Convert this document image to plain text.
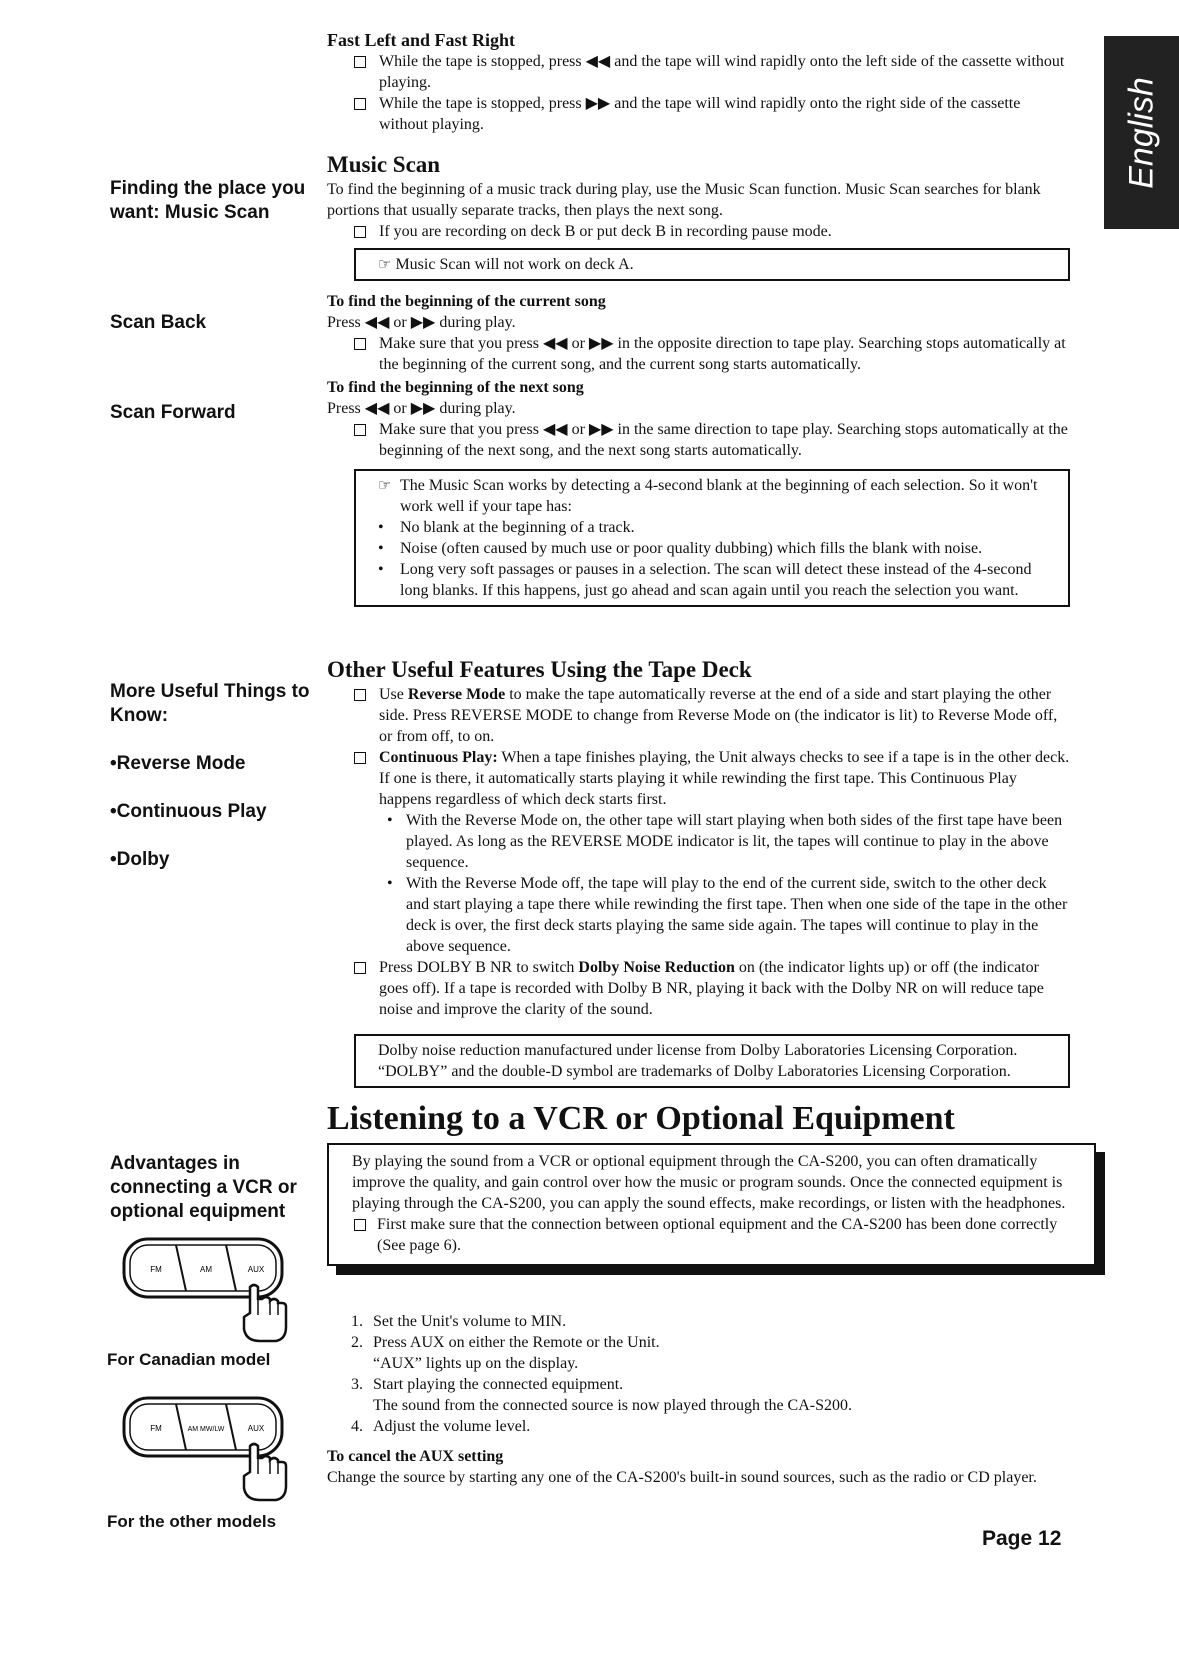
English
Finding the place you want: Music Scan
Scan Back
Scan Forward
More Useful Things to Know:
•Reverse Mode
•Continuous Play
•Dolby
Advantages in connecting a VCR or optional equipment
FM	AM	AUX
For Canadian model
FM	AM MW/LW	AUX
For the other models
Fast Left and Fast Right
While the tape is stopped, press ◀◀ and the tape will wind rapidly onto the left side of the cassette without playing.
While the tape is stopped, press ▶▶ and the tape will wind rapidly onto the right side of the cassette without playing.
Music Scan
To find the beginning of a music track during play, use the Music Scan function. Music Scan searches for blank portions that usually separate tracks, then plays the next song.
If you are recording on deck B or put deck B in recording pause mode.
☞ Music Scan will not work on deck A.
To find the beginning of the current song
Press ◀◀ or ▶▶ during play.
Make sure that you press ◀◀ or ▶▶ in the opposite direction to tape play. Searching stops automatically at the beginning of the current song, and the current song starts automatically.
To find the beginning of the next song
Press ◀◀ or ▶▶ during play.
Make sure that you press ◀◀ or ▶▶ in the same direction to tape play. Searching stops automatically at the beginning of the next song, and the next song starts automatically.
☞ The Music Scan works by detecting a 4-second blank at the beginning of each selection. So it won't work well if your tape has:
• No blank at the beginning of a track.
• Noise (often caused by much use or poor quality dubbing) which fills the blank with noise.
• Long very soft passages or pauses in a selection. The scan will detect these instead of the 4-second long blanks. If this happens, just go ahead and scan again until you reach the selection you want.
Other Useful Features Using the Tape Deck
Use Reverse Mode to make the tape automatically reverse at the end of a side and start playing the other side. Press REVERSE MODE to change from Reverse Mode on (the indicator is lit) to Reverse Mode off, or from off, to on.
Continuous Play: When a tape finishes playing, the Unit always checks to see if a tape is in the other deck. If one is there, it automatically starts playing it while rewinding the first tape. This Continuous Play happens regardless of which deck starts first.
• With the Reverse Mode on, the other tape will start playing when both sides of the first tape have been played. As long as the REVERSE MODE indicator is lit, the tapes will continue to play in the above sequence.
• With the Reverse Mode off, the tape will play to the end of the current side, switch to the other deck and start playing a tape there while rewinding the first tape. Then when one side of the tape in the other deck is over, the first deck starts playing the same side again. The tapes will continue to play in the above sequence.
Press DOLBY B NR to switch Dolby Noise Reduction on (the indicator lights up) or off (the indicator goes off). If a tape is recorded with Dolby B NR, playing it back with the Dolby NR on will reduce tape noise and improve the clarity of the sound.
Dolby noise reduction manufactured under license from Dolby Laboratories Licensing Corporation.
“DOLBY” and the double-D symbol are trademarks of Dolby Laboratories Licensing Corporation.
Listening to a VCR or Optional Equipment
By playing the sound from a VCR or optional equipment through the CA-S200, you can often dramatically improve the quality, and gain control over how the music or program sounds. Once the connected equipment is playing through the CA-S200, you can apply the sound effects, make recordings, or listen with the headphones.
First make sure that the connection between optional equipment and the CA-S200 has been done correctly (See page 6).
1. Set the Unit's volume to MIN.
2. Press AUX on either the Remote or the Unit.
“AUX” lights up on the display.
3. Start playing the connected equipment.
The sound from the connected source is now played through the CA-S200.
4. Adjust the volume level.
To cancel the AUX setting
Change the source by starting any one of the CA-S200's built-in sound sources, such as the radio or CD player.
Page 12
